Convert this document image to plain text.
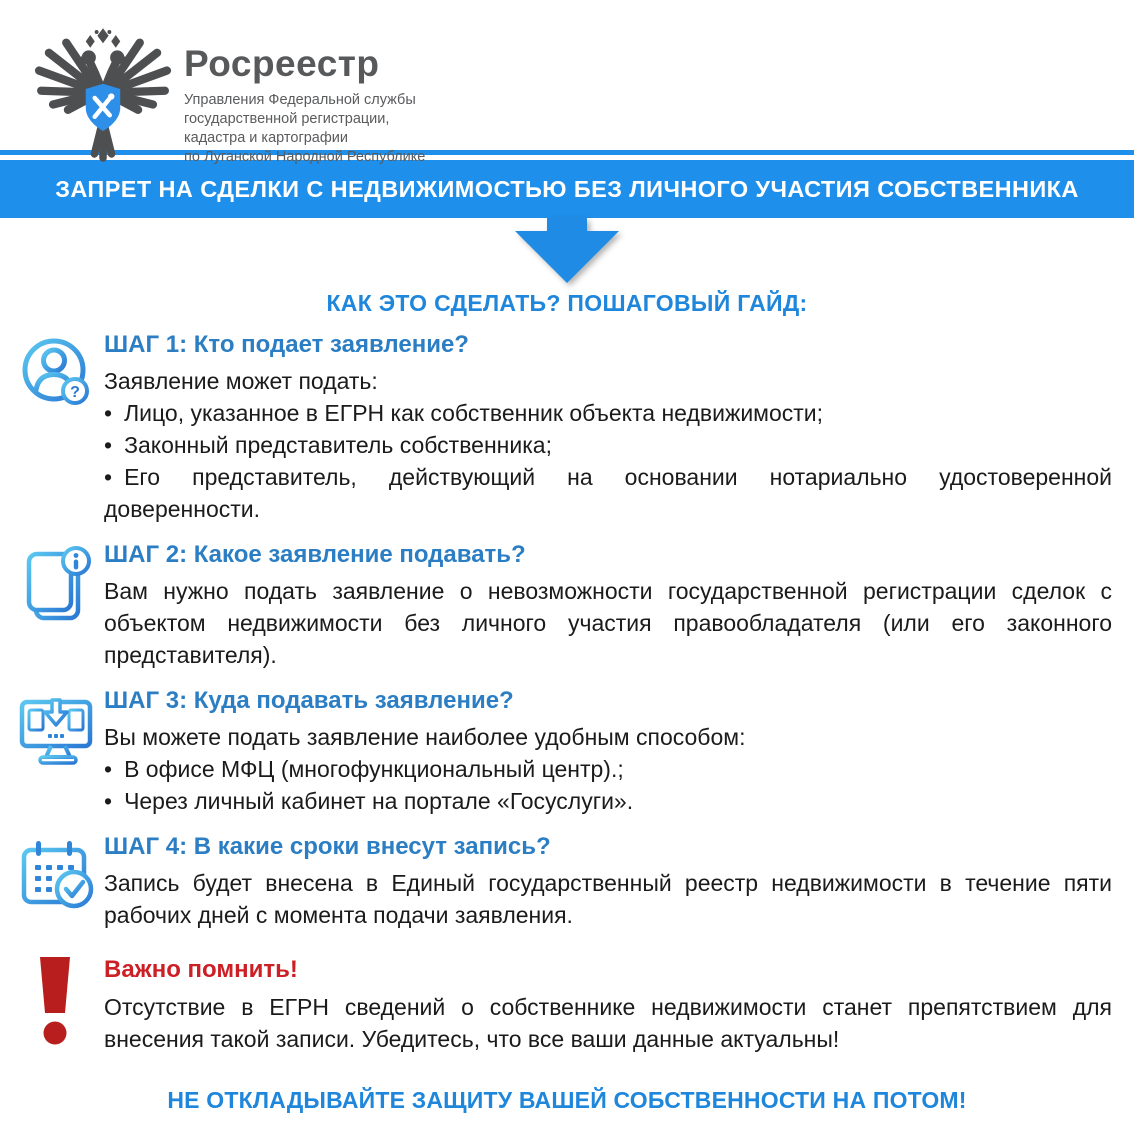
Росреестр
Управления Федеральной службы
государственной регистрации,
кадастра и картографии
по Луганской Народной Республике
ЗАПРЕТ НА СДЕЛКИ С НЕДВИЖИМОСТЬЮ БЕЗ ЛИЧНОГО УЧАСТИЯ СОБСТВЕННИКА
КАК ЭТО СДЕЛАТЬ? ПОШАГОВЫЙ ГАЙД:
?
ШАГ 1: Кто подает заявление?

Заявление может подать:

• Лицо, указанное в ЕГРН как собственник объекта недвижимости;

• Законный представитель собственника;

• Его представитель, действующий на основании нотариально удостоверенной доверенности.

ШАГ 2: Какое заявление подавать?

Вам нужно подать заявление о невозможности государственной регистрации сделок с объектом недвижимости без личного участия правообладателя (или его законного представителя).

ШАГ 3: Куда подавать заявление?

Вы можете подать заявление наиболее удобным способом:

• В офисе МФЦ (многофункциональный центр).;

• Через личный кабинет на портале «Госуслуги».

ШАГ 4: В какие сроки внесут запись?

Запись будет внесена в Единый государственный реестр недвижимости в течение пяти рабочих дней с момента подачи заявления.

Важно помнить!

Отсутствие в ЕГРН сведений о собственнике недвижимости станет препятствием для внесения такой записи. Убедитесь, что все ваши данные актуальны!

НЕ ОТКЛАДЫВАЙТЕ ЗАЩИТУ ВАШЕЙ СОБСТВЕННОСТИ НА ПОТОМ!
